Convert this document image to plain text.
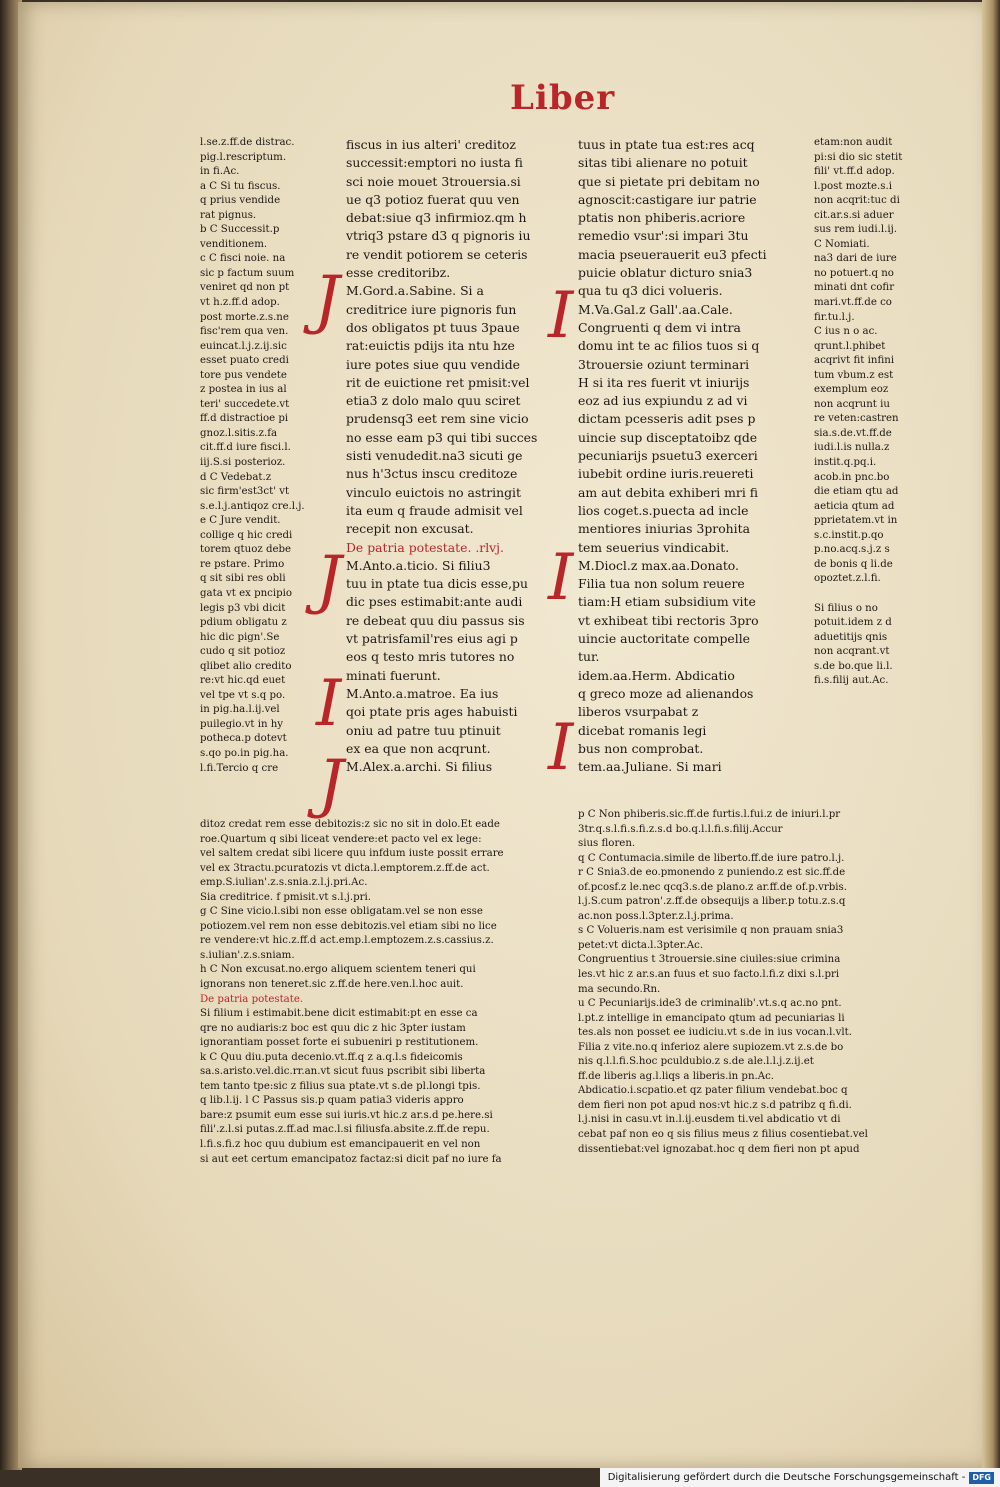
Liber
l.se.z.ff.de distrac.
pig.l.rescriptum.
in fi.Ac.
a C Si tu fiscus.
q prius vendide
rat pignus.
b C Successit.p
venditionem.
c C fisci noie. na
sic p factum suum
veniret qd non pt
vt h.z.ff.d adop.
post morte.z.s.ne
fisc'rem qua ven.
euincat.l.j.z.ij.sic
esset puato credi
tore pus vendete
z postea in ius al
teri' succedete.vt
ff.d distractioe pi
gnoz.l.sitis.z.fa
cit.ff.d iure fisci.l.
iij.S.si posterioz.
d C Vedebat.z
sic firm'est3ct' vt
s.e.l.j.antiqoz cre.l.j.
e C Jure vendit.
collige q hic credi
torem qtuoz debe
re pstare. Primo
q sit sibi res obli
gata vt ex pncipio
legis p3 vbi dicit
pdium obligatu z
hic dic pign'.Se
cudo q sit potioz
qlibet alio credito
re:vt hic.qd euet
vel tpe vt s.q po.
in pig.ha.l.ij.vel
puilegio.vt in hy
potheca.p dotevt
s.qo po.in pig.ha.
l.fi.Tercio q cre
fiscus in ius alteri' creditoz
successit:emptori no iusta fi
sci noie mouet 3trouersia.si
ue q3 potioz fuerat quu ven
debat:siue q3 infirmioz.qm h
vtriq3 pstare d3 q pignoris iu
re vendit potiorem se ceteris
esse creditoribz.
M.Gord.a.Sabine. Si a
creditrice iure pignoris fun
dos obligatos pt tuus 3paue
rat:euictis pdijs ita ntu hze
iure potes siue quu vendide
rit de euictione ret pmisit:vel
etia3 z dolo malo quu sciret
prudensq3 eet rem sine vicio
no esse eam p3 qui tibi succes
sisti venudedit.na3 sicuti ge
nus h'3ctus inscu creditoze
vinculo euictois no astringit
ita eum q fraude admisit vel
recepit non excusat.
De patria potestate. .rlvj.
M.Anto.a.ticio. Si filiu3
tuu in ptate tua dicis esse,pu
dic pses estimabit:ante audi
re debeat quu diu passus sis
vt patrisfamil'res eius agi p
eos q testo mris tutores no
minati fuerunt.
M.Anto.a.matroe. Ea ius
qoi ptate pris ages habuisti
oniu ad patre tuu ptinuit
ex ea que non acqrunt.
M.Alex.a.archi. Si filius
tuus in ptate tua est:res acq
sitas tibi alienare no potuit
que si pietate pri debitam no
agnoscit:castigare iur patrie
ptatis non phiberis.acriore
remedio vsur':si impari 3tu
macia pseuerauerit eu3 pfecti
puicie oblatur dicturo snia3
qua tu q3 dici volueris.
M.Va.Gal.z Gall'.aa.Cale.
Congruenti q dem vi intra
domu int te ac filios tuos si q
3trouersie oziunt terminari
H si ita res fuerit vt iniurijs
eoz ad ius expiundu z ad vi
dictam pcesseris adit pses p
uincie sup disceptatoibz qde
pecuniarijs psuetu3 exerceri
iubebit ordine iuris.reuereti
am aut debita exhiberi mri fi
lios coget.s.puecta ad incle
mentiores iniurias 3prohita
tem seuerius vindicabit.
M.Diocl.z max.aa.Donato.
Filia tua non solum reuere
tiam:H etiam subsidium vite
vt exhibeat tibi rectoris 3pro
uincie auctoritate compelle
tur.
idem.aa.Herm. Abdicatio
q greco moze ad alienandos
liberos vsurpabat z
dicebat romanis legi
bus non comprobat.
tem.aa.Juliane. Si mari
etam:non audit
pi:si dio sic stetit
fili' vt.ff.d adop.
l.post mozte.s.i
non acqrit:tuc di
cit.ar.s.si aduer
sus rem iudi.l.ij.
C Nomiati.
na3 dari de iure
no potuert.q no
minati dnt cofir
mari.vt.ff.de co
fir.tu.l.j.
C ius n o ac.
qrunt.l.phibet
acqrivt fit infini
tum vbum.z est
exemplum eoz
non acqrunt iu
re veten:castren
sia.s.de.vt.ff.de
iudi.l.is nulla.z
instit.q.pq.i.
acob.in pnc.bo
die etiam qtu ad
aeticia qtum ad
pprietatem.vt in
s.c.instit.p.qo
p.no.acq.s.j.z s
de bonis q li.de
opoztet.z.l.fi.

Si filius o no
potuit.idem z d
aduetitijs qnis
non acqrant.vt
s.de bo.que li.l.
fi.s.filij aut.Ac.
ditoz credat rem esse debitozis:z sic no sit in dolo.Et eade
roe.Quartum q sibi liceat vendere:et pacto vel ex lege:
vel saltem credat sibi licere quu infdum iuste possit errare
vel ex 3tractu.pcuratozis vt dicta.l.emptorem.z.ff.de act.
emp.S.iulian'.z.s.snia.z.l.j.pri.Ac.
Sia creditrice. f pmisit.vt s.l.j.pri.
g C Sine vicio.l.sibi non esse obligatam.vel se non esse
potiozem.vel rem non esse debitozis.vel etiam sibi no lice
re vendere:vt hic.z.ff.d act.emp.l.emptozem.z.s.cassius.z.
s.iulian'.z.s.sniam.
h C Non excusat.no.ergo aliquem scientem teneri qui
ignorans non teneret.sic z.ff.de here.ven.l.hoc auit.
De patria potestate.
Si filium i estimabit.bene dicit estimabit:pt en esse ca
qre no audiaris:z boc est quu dic z hic 3pter iustam
ignorantiam posset forte ei subueniri p restitutionem.
k C Quu diu.puta decenio.vt.ff.q z a.q.l.s fideicomis
sa.s.aristo.vel.dic.rr.an.vt sicut fuus pscribit sibi liberta
tem tanto tpe:sic z filius sua ptate.vt s.de pl.longi tpis.
q lib.l.ij. l C Passus sis.p quam patia3 videris appro
bare:z psumit eum esse sui iuris.vt hic.z ar.s.d pe.here.si
fili'.z.l.si putas.z.ff.ad mac.l.si filiusfa.absite.z.ff.de repu.
l.fi.s.fi.z hoc quu dubium est emancipauerit en vel non
si aut eet certum emancipatoz factaz:si dicit paf no iure fa
p C Non phiberis.sic.ff.de furtis.l.fui.z de iniuri.l.pr
3tr.q.s.l.fi.s.fi.z.s.d bo.q.l.l.fi.s.filij.Accur
sius floren.
q C Contumacia.simile de liberto.ff.de iure patro.l.j.
r C Snia3.de eo.pmonendo z puniendo.z est sic.ff.de
of.pcosf.z le.nec qcq3.s.de plano.z ar.ff.de of.p.vrbis.
l.j.S.cum patron'.z.ff.de obsequijs a liber.p totu.z.s.q
ac.non poss.l.3pter.z.l.j.prima.
s C Volueris.nam est verisimile q non prauam snia3
petet:vt dicta.l.3pter.Ac.
Congruentius t 3trouersie.sine ciuiles:siue crimina
les.vt hic z ar.s.an fuus et suo facto.l.fi.z dixi s.l.pri
ma secundo.Rn.
u C Pecuniarijs.ide3 de criminalib'.vt.s.q ac.no pnt.
l.pt.z intellige in emancipato qtum ad pecuniarias li
tes.als non posset ee iudiciu.vt s.de in ius vocan.l.vlt.
Filia z vite.no.q inferioz alere supiozem.vt z.s.de bo
nis q.l.l.fi.S.hoc pculdubio.z s.de ale.l.l.j.z.ij.et
ff.de liberis ag.l.liqs a liberis.in pn.Ac.
Abdicatio.i.scpatio.et qz pater filium vendebat.boc q
dem fieri non pot apud nos:vt hic.z s.d patribz q fi.di.
l.j.nisi in casu.vt in.l.ij.eusdem ti.vel abdicatio vt di
cebat paf non eo q sis filius meus z filius cosentiebat.vel
dissentiebat:vel ignozabat.hoc q dem fieri non pt apud
J	I
J	I
I
I
J
Digitalisierung gefördert durch die Deutsche Forschungsgemeinschaft - DFG
